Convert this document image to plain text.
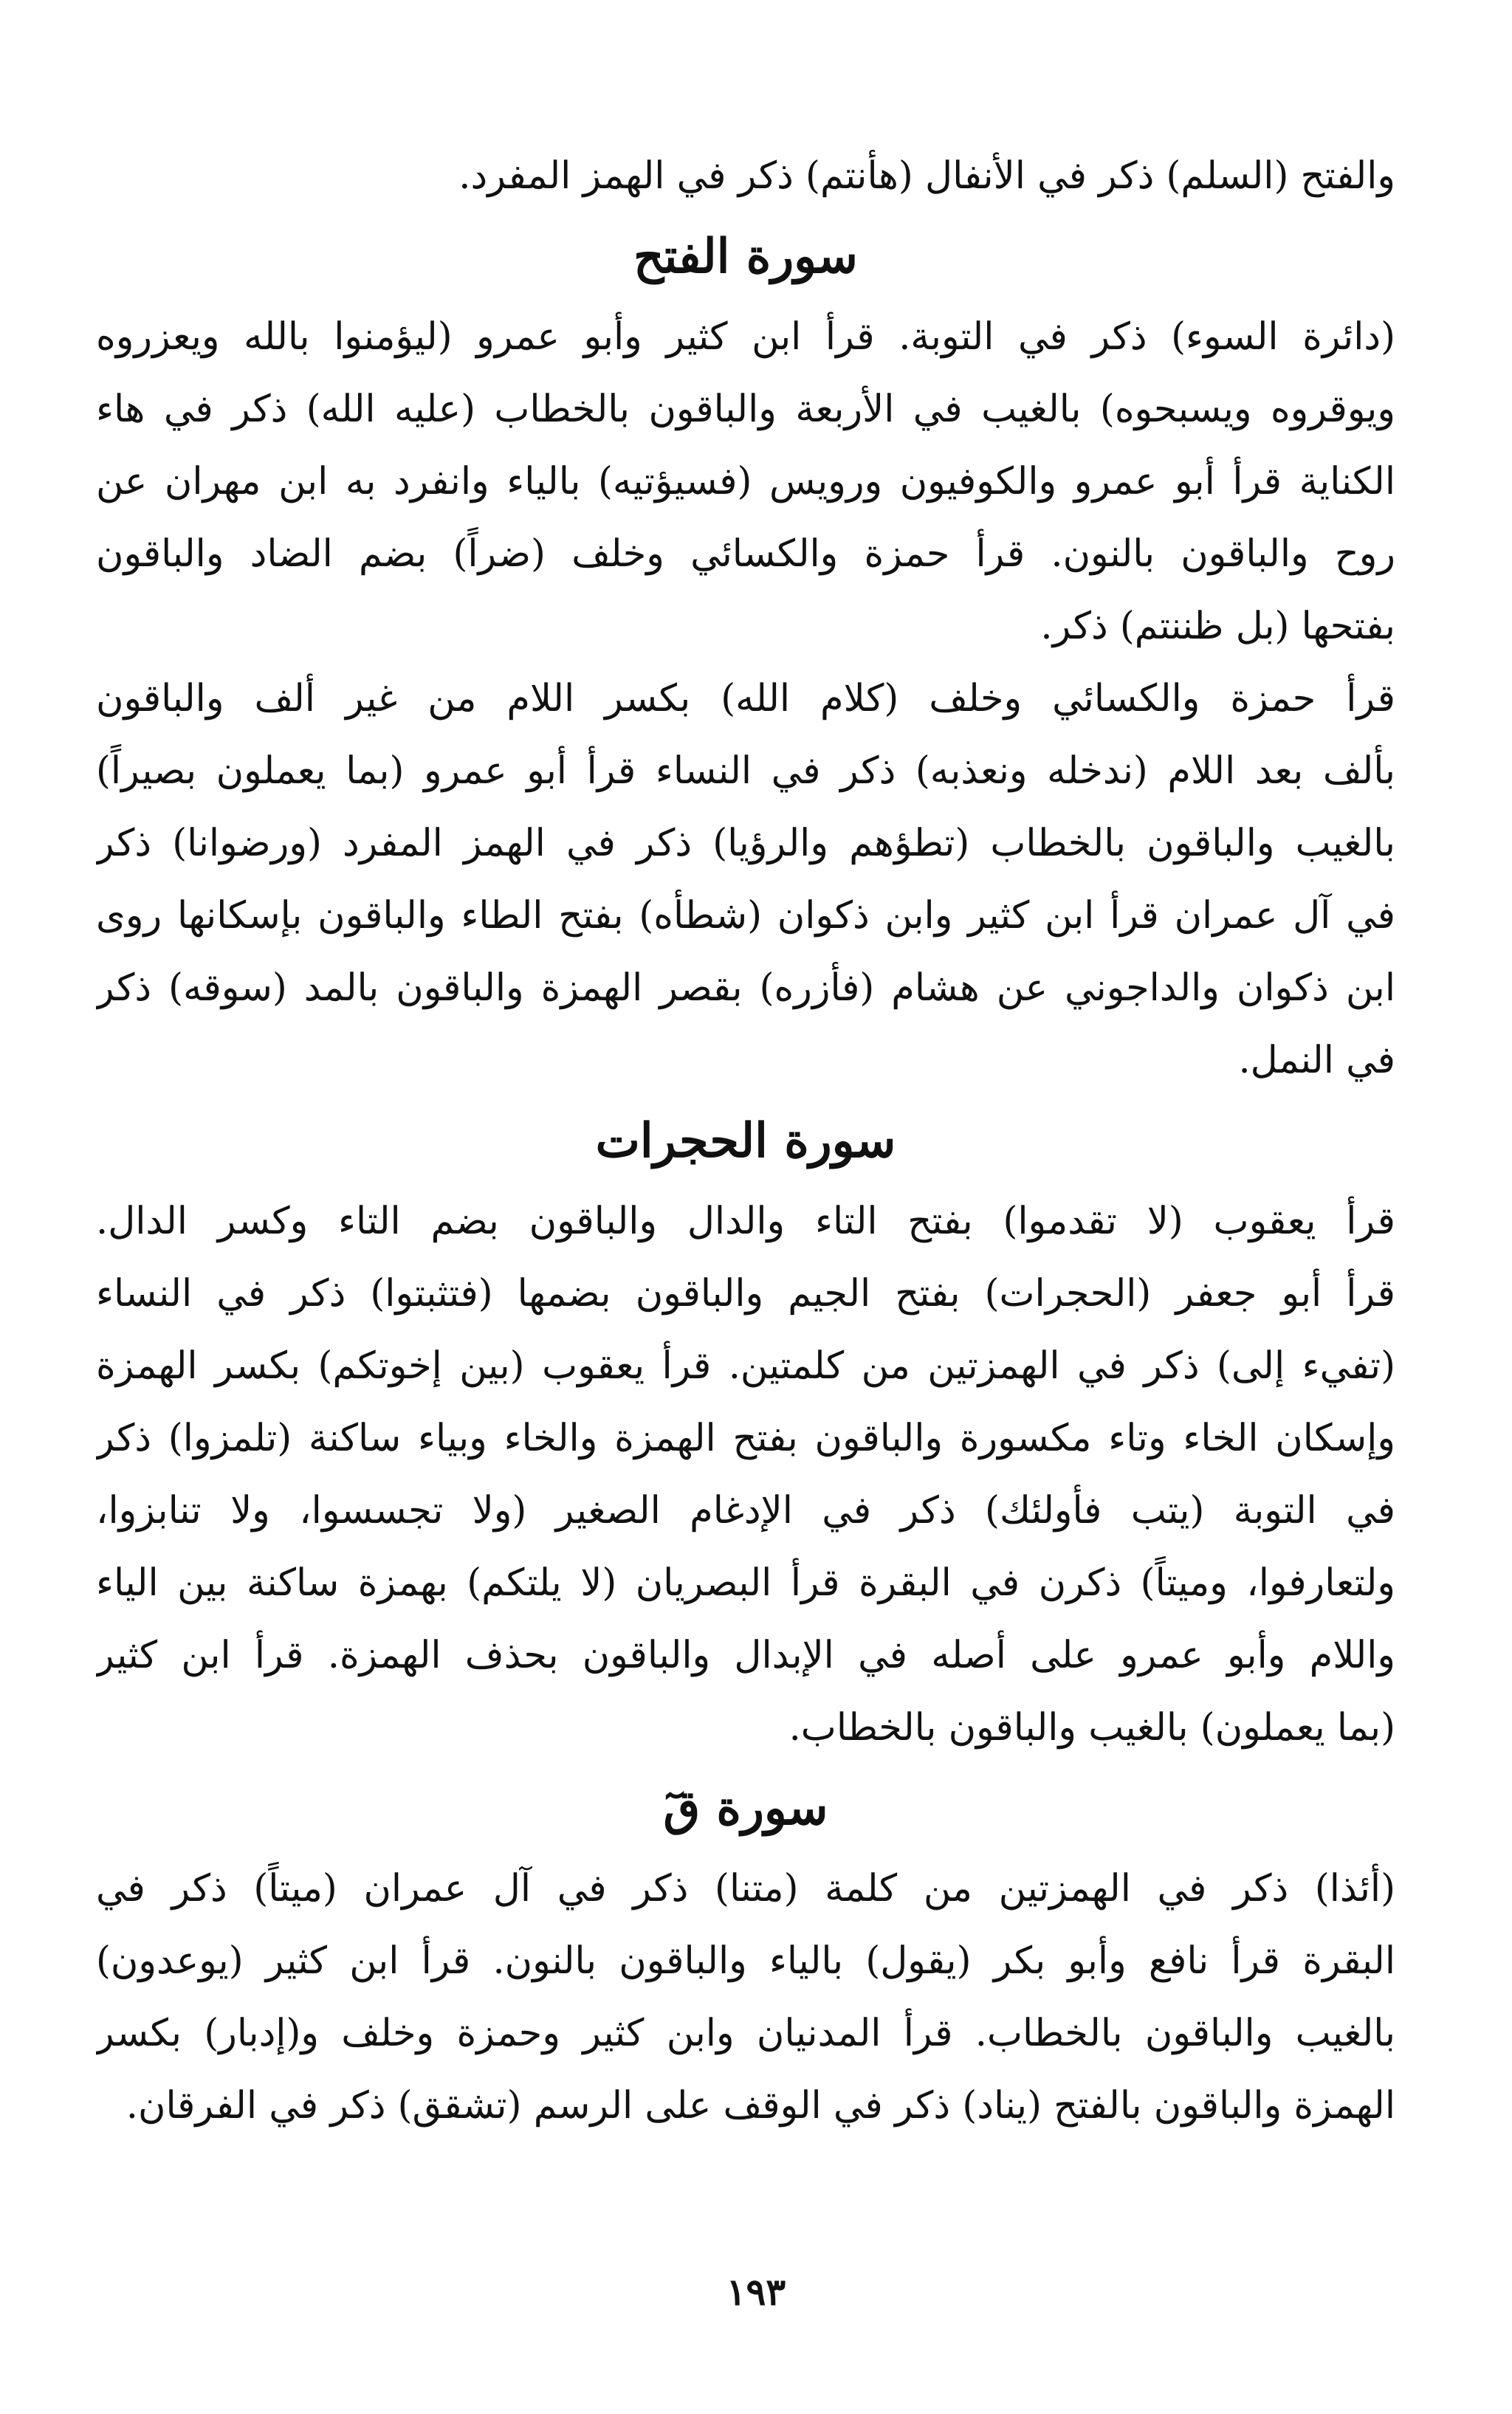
والفتح (السلم) ذكر في الأنفال (هأنتم) ذكر في الهمز المفرد.
سورة الفتح
(دائرة السوء) ذكر في التوبة. قرأ ابن كثير وأبو عمرو (ليؤمنوا بالله ويعزروه
ويوقروه ويسبحوه) بالغيب في الأربعة والباقون بالخطاب (عليه الله) ذكر في هاء
الكناية قرأ أبو عمرو والكوفيون ورويس (فسيؤتيه) بالياء وانفرد به ابن مهران عن
روح والباقون بالنون. قرأ حمزة والكسائي وخلف (ضراً) بضم الضاد والباقون
بفتحها (بل ظننتم) ذكر.
قرأ حمزة والكسائي وخلف (كلام الله) بكسر اللام من غير ألف والباقون
بألف بعد اللام (ندخله ونعذبه) ذكر في النساء قرأ أبو عمرو (بما يعملون بصيراً)
بالغيب والباقون بالخطاب (تطؤهم والرؤيا) ذكر في الهمز المفرد (ورضوانا) ذكر
في آل عمران قرأ ابن كثير وابن ذكوان (شطأه) بفتح الطاء والباقون بإسكانها روى
ابن ذكوان والداجوني عن هشام (فأزره) بقصر الهمزة والباقون بالمد (سوقه) ذكر
في النمل.
سورة الحجرات
قرأ يعقوب (لا تقدموا) بفتح التاء والدال والباقون بضم التاء وكسر الدال.
قرأ أبو جعفر (الحجرات) بفتح الجيم والباقون بضمها (فتثبتوا) ذكر في النساء
(تفيء إلى) ذكر في الهمزتين من كلمتين. قرأ يعقوب (بين إخوتكم) بكسر الهمزة
وإسكان الخاء وتاء مكسورة والباقون بفتح الهمزة والخاء وبياء ساكنة (تلمزوا) ذكر
في التوبة (يتب فأولئك) ذكر في الإدغام الصغير (ولا تجسسوا، ولا تنابزوا،
ولتعارفوا، وميتاً) ذكرن في البقرة قرأ البصريان (لا يلتكم) بهمزة ساكنة بين الياء
واللام وأبو عمرو على أصله في الإبدال والباقون بحذف الهمزة. قرأ ابن كثير
(بما يعملون) بالغيب والباقون بالخطاب.
سورة قٓ
(أئذا) ذكر في الهمزتين من كلمة (متنا) ذكر في آل عمران (ميتاً) ذكر في
البقرة قرأ نافع وأبو بكر (يقول) بالياء والباقون بالنون. قرأ ابن كثير (يوعدون)
بالغيب والباقون بالخطاب. قرأ المدنيان وابن كثير وحمزة وخلف و(إدبار) بكسر
الهمزة والباقون بالفتح (يناد) ذكر في الوقف على الرسم (تشقق) ذكر في الفرقان.
١٩٣
